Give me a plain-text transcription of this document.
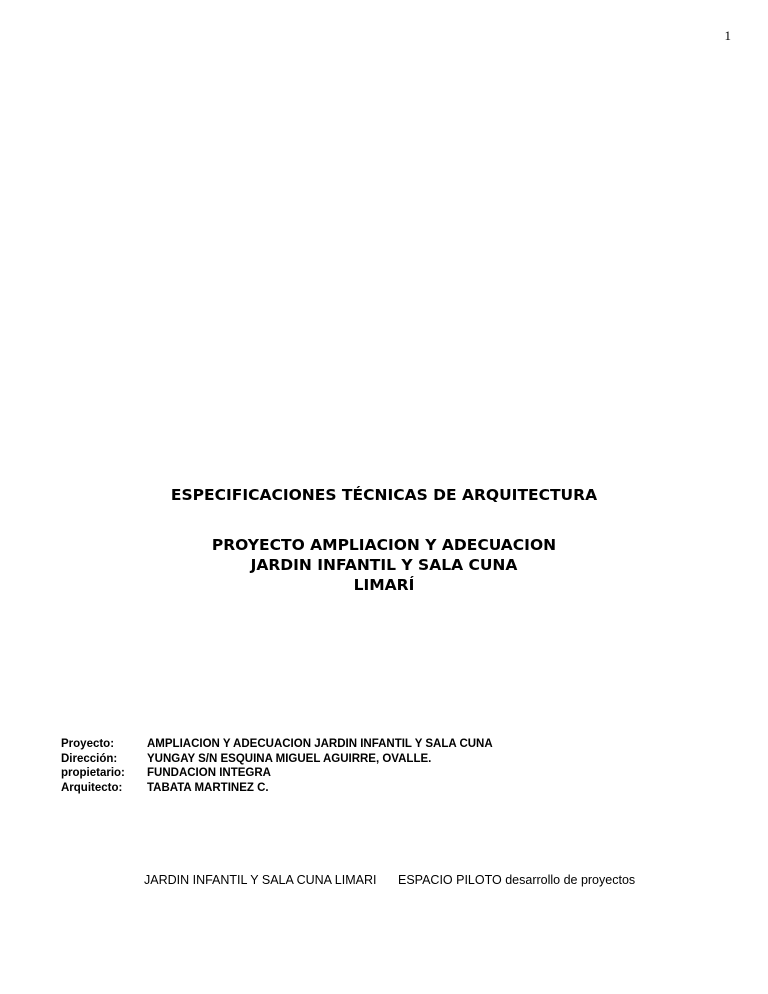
1
ESPECIFICACIONES TÉCNICAS DE ARQUITECTURA
PROYECTO AMPLIACION Y ADECUACION
JARDIN INFANTIL Y SALA CUNA
LIMARÍ
Proyecto:	AMPLIACION Y ADECUACION JARDIN INFANTIL Y SALA CUNA
Dirección:	YUNGAY S/N ESQUINA MIGUEL AGUIRRE, OVALLE.
propietario:	FUNDACION INTEGRA
Arquitecto:	TABATA MARTINEZ C.
JARDIN INFANTIL Y SALA CUNA LIMARI ESPACIO PILOTO desarrollo de proyectos
